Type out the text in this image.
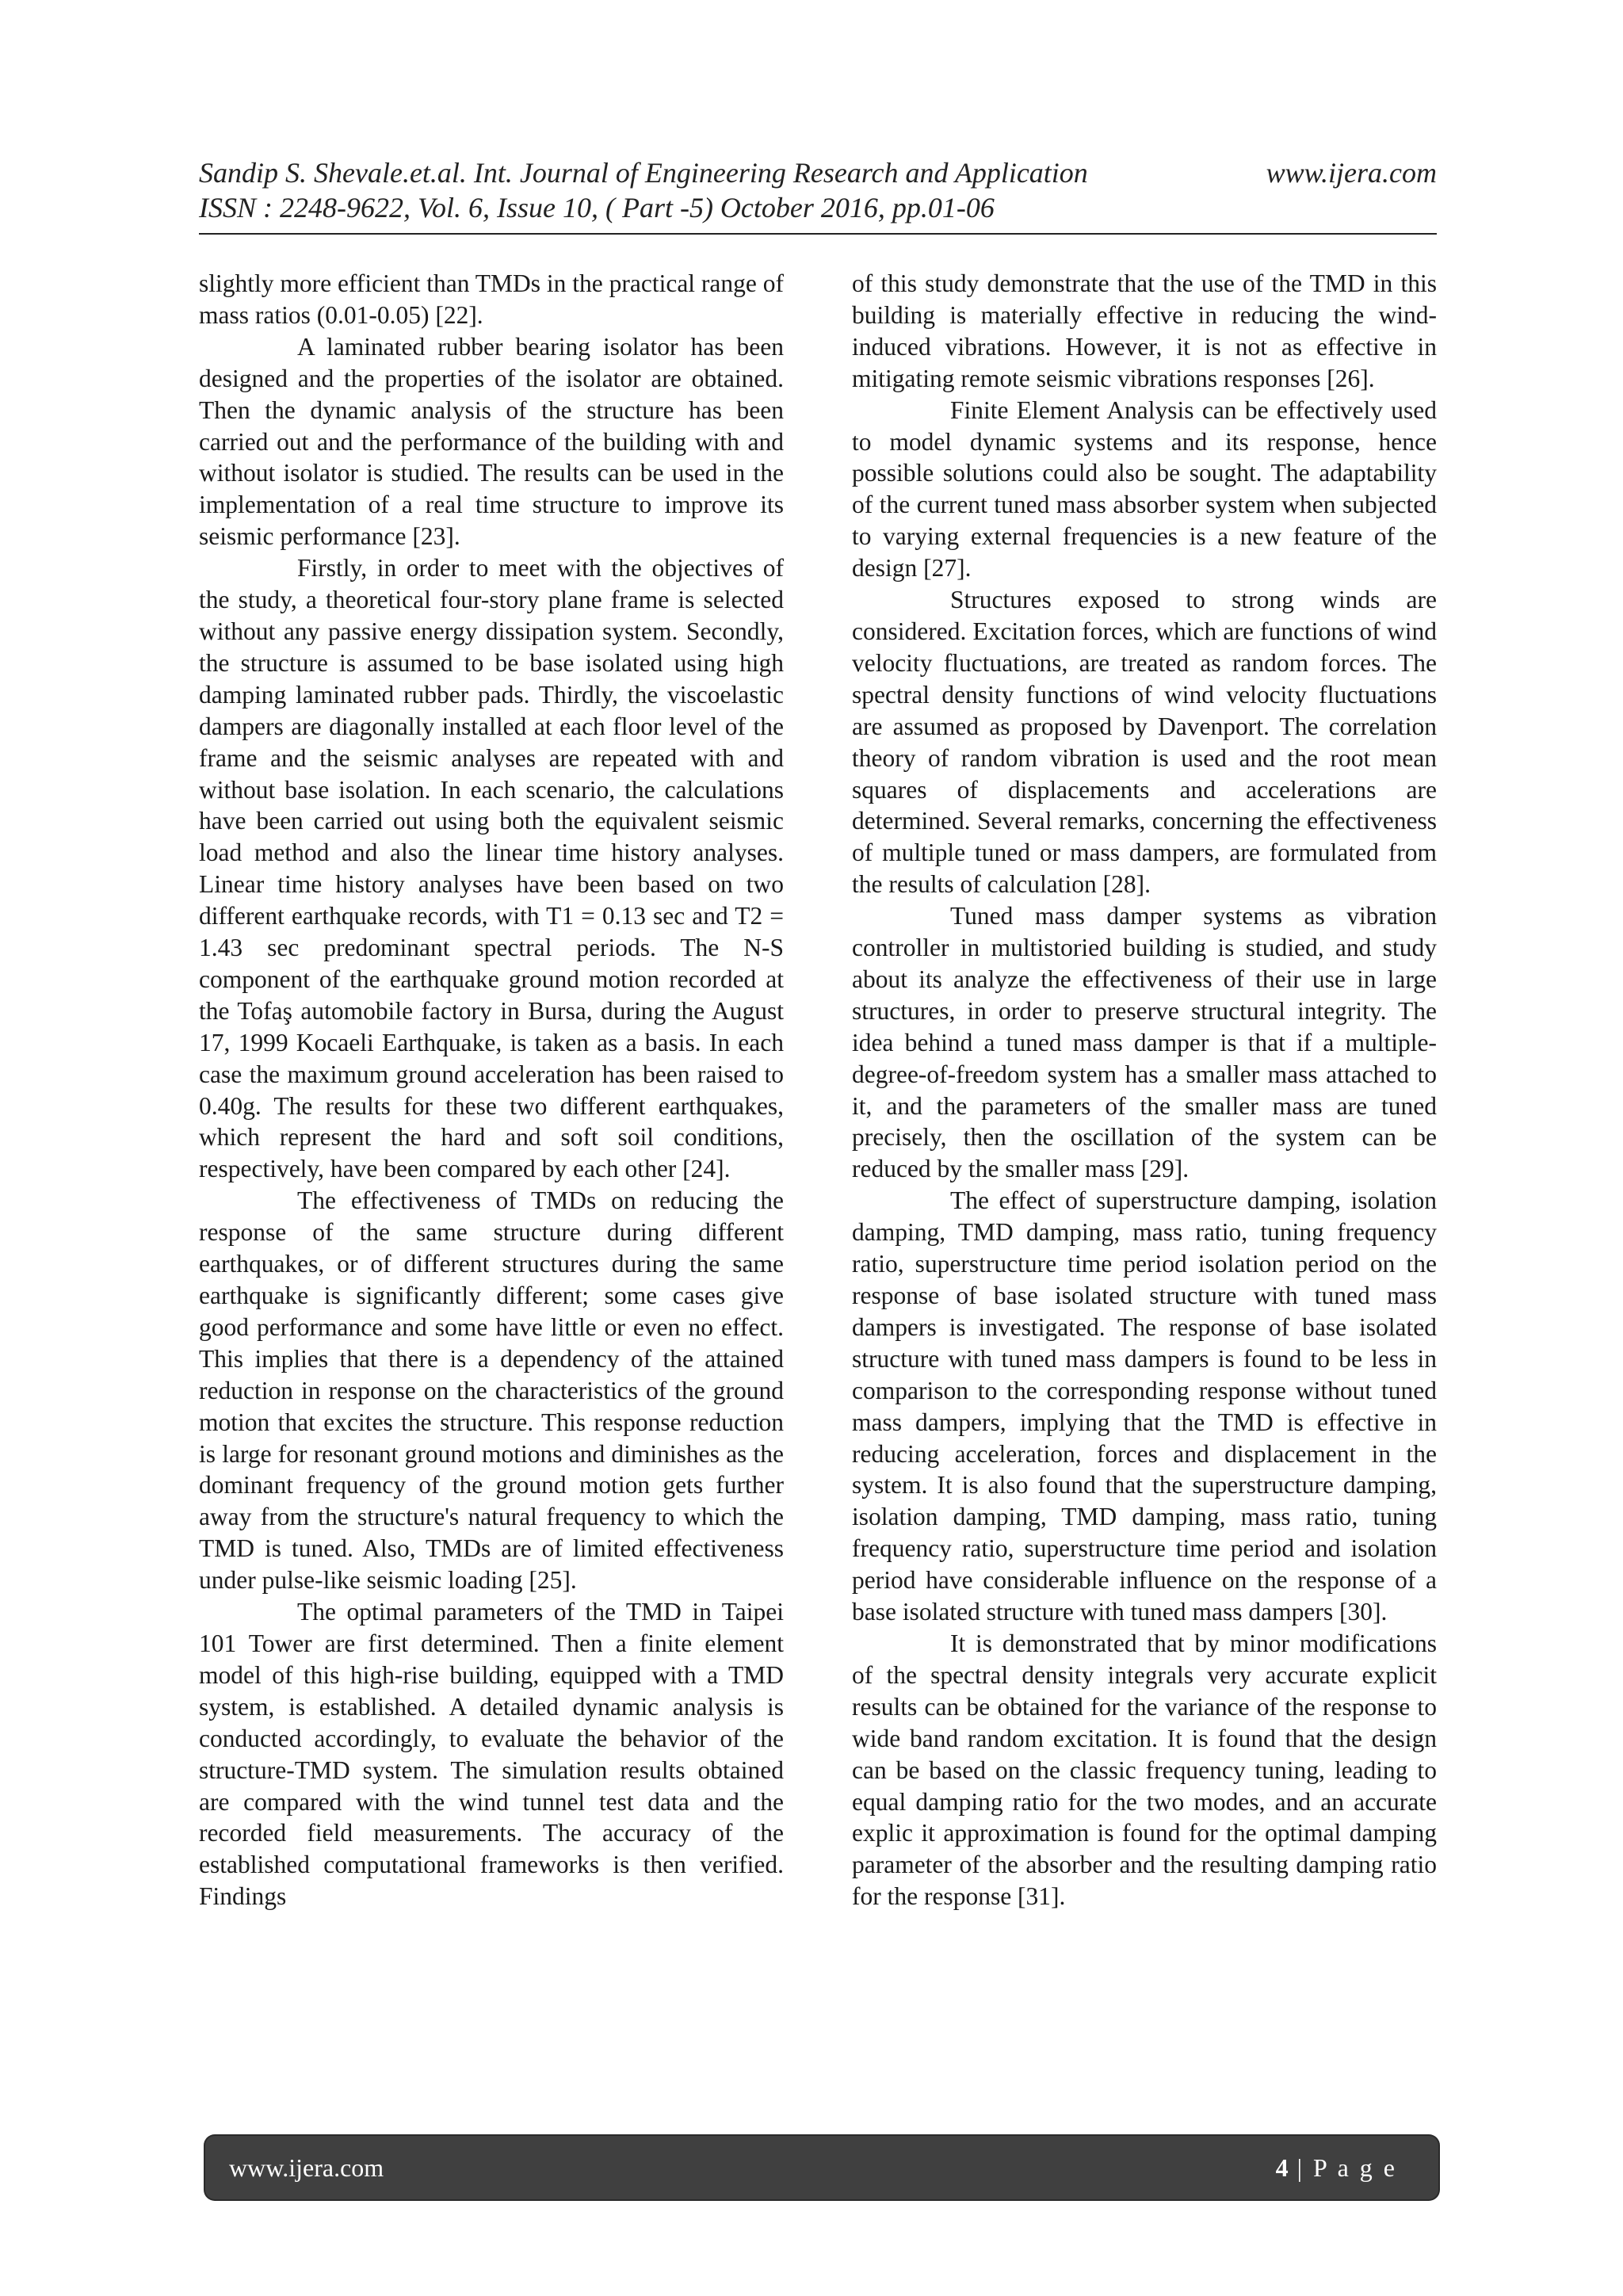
Sandip S. Shevale.et.al. Int. Journal of Engineering Research and Application	www.ijera.com
ISSN : 2248-9622, Vol. 6, Issue 10, ( Part -5) October 2016, pp.01-06

slightly more efficient than TMDs in the practical range of mass ratios (0.01-0.05) [22].

A laminated rubber bearing isolator has been designed and the properties of the isolator are obtained. Then the dynamic analysis of the structure has been carried out and the performance of the building with and without isolator is studied. The results can be used in the implementation of a real time structure to improve its seismic performance [23].

Firstly, in order to meet with the objectives of the study, a theoretical four-story plane frame is selected without any passive energy dissipation system. Secondly, the structure is assumed to be base isolated using high damping laminated rubber pads. Thirdly, the viscoelastic dampers are diagonally installed at each floor level of the frame and the seismic analyses are repeated with and without base isolation. In each scenario, the calculations have been carried out using both the equivalent seismic load method and also the linear time history analyses. Linear time history analyses have been based on two different earthquake records, with T1 = 0.13 sec and T2 = 1.43 sec predominant spectral periods. The N-S component of the earthquake ground motion recorded at the Tofaş automobile factory in Bursa, during the August 17, 1999 Kocaeli Earthquake, is taken as a basis. In each case the maximum ground acceleration has been raised to 0.40g. The results for these two different earthquakes, which represent the hard and soft soil conditions, respectively, have been compared by each other [24].

The effectiveness of TMDs on reducing the response of the same structure during different earthquakes, or of different structures during the same earthquake is significantly different; some cases give good performance and some have little or even no effect. This implies that there is a dependency of the attained reduction in response on the characteristics of the ground motion that excites the structure. This response reduction is large for resonant ground motions and diminishes as the dominant frequency of the ground motion gets further away from the structure's natural frequency to which the TMD is tuned. Also, TMDs are of limited effectiveness under pulse-like seismic loading [25].

The optimal parameters of the TMD in Taipei 101 Tower are first determined. Then a finite element model of this high-rise building, equipped with a TMD system, is established. A detailed dynamic analysis is conducted accordingly, to evaluate the behavior of the structure-TMD system. The simulation results obtained are compared with the wind tunnel test data and the recorded field measurements. The accuracy of the established computational frameworks is then verified. Findings

of this study demonstrate that the use of the TMD in this building is materially effective in reducing the wind-induced vibrations. However, it is not as effective in mitigating remote seismic vibrations responses [26].

Finite Element Analysis can be effectively used to model dynamic systems and its response, hence possible solutions could also be sought. The adaptability of the current tuned mass absorber system when subjected to varying external frequencies is a new feature of the design [27].

Structures exposed to strong winds are considered. Excitation forces, which are functions of wind velocity fluctuations, are treated as random forces. The spectral density functions of wind velocity fluctuations are assumed as proposed by Davenport. The correlation theory of random vibration is used and the root mean squares of displacements and accelerations are determined. Several remarks, concerning the effectiveness of multiple tuned or mass dampers, are formulated from the results of calculation [28].

Tuned mass damper systems as vibration controller in multistoried building is studied, and study about its analyze the effectiveness of their use in large structures, in order to preserve structural integrity. The idea behind a tuned mass damper is that if a multiple-degree-of-freedom system has a smaller mass attached to it, and the parameters of the smaller mass are tuned precisely, then the oscillation of the system can be reduced by the smaller mass [29].

The effect of superstructure damping, isolation damping, TMD damping, mass ratio, tuning frequency ratio, superstructure time period isolation period on the response of base isolated structure with tuned mass dampers is investigated. The response of base isolated structure with tuned mass dampers is found to be less in comparison to the corresponding response without tuned mass dampers, implying that the TMD is effective in reducing acceleration, forces and displacement in the system. It is also found that the superstructure damping, isolation damping, TMD damping, mass ratio, tuning frequency ratio, superstructure time period and isolation period have considerable influence on the response of a base isolated structure with tuned mass dampers [30].

It is demonstrated that by minor modifications of the spectral density integrals very accurate explicit results can be obtained for the variance of the response to wide band random excitation. It is found that the design can be based on the classic frequency tuning, leading to equal damping ratio for the two modes, and an accurate explic it approximation is found for the optimal damping parameter of the absorber and the resulting damping ratio for the response [31].

www.ijera.com	4 | P a g e
